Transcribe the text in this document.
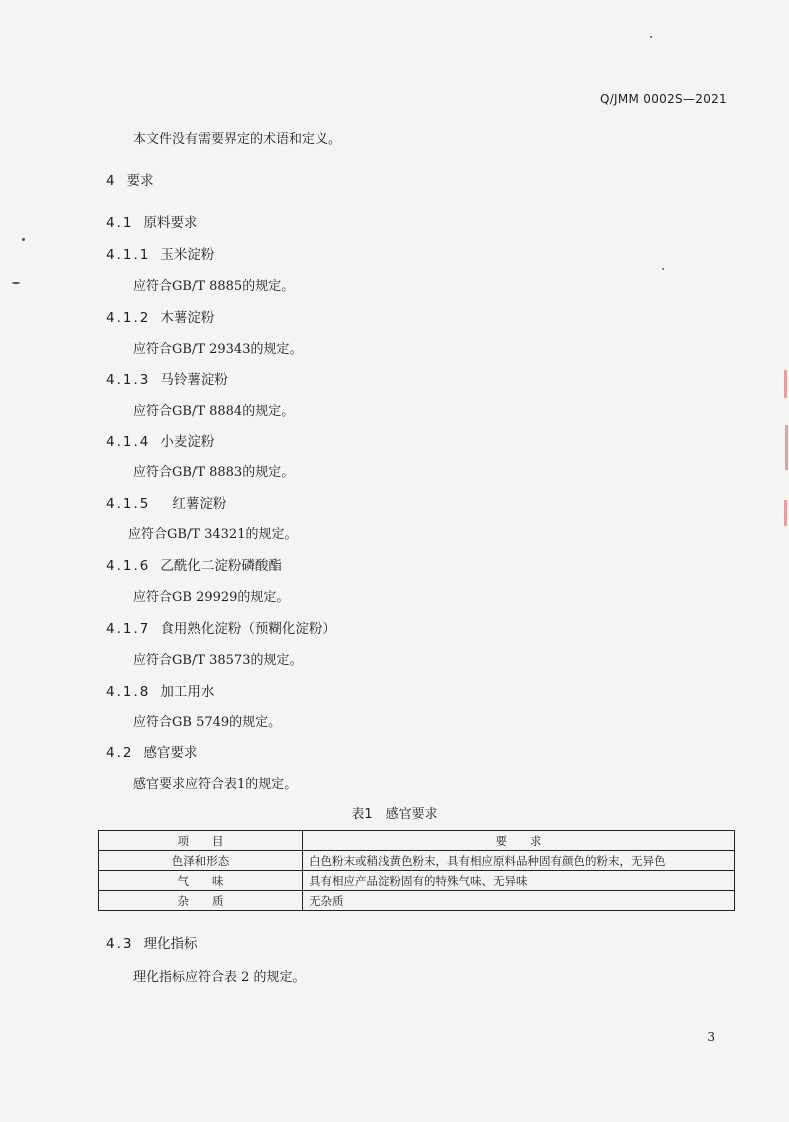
Q/JMM 0002S—2021
本文件没有需要界定的术语和定义。
4 要求
4.1 原料要求
4.1.1 玉米淀粉
应符合GB/T 8885的规定。
4.1.2 木薯淀粉
应符合GB/T 29343的规定。
4.1.3 马铃薯淀粉
应符合GB/T 8884的规定。
4.1.4 小麦淀粉
应符合GB/T 8883的规定。
4.1.5 红薯淀粉
应符合GB/T 34321的规定。
4.1.6 乙酰化二淀粉磷酸酯
应符合GB 29929的规定。
4.1.7 食用熟化淀粉（预糊化淀粉）
应符合GB/T 38573的规定。
4.1.8 加工用水
应符合GB 5749的规定。
4.2 感官要求
感官要求应符合表1的规定。
表1　感官要求
项　　目	要　　求
色泽和形态	白色粉末或稍浅黄色粉末，具有相应原料品种固有颜色的粉末，无异色
气　　味	具有相应产品淀粉固有的特殊气味、无异味
杂　　质	无杂质
4.3 理化指标
理化指标应符合表 2 的规定。
3
